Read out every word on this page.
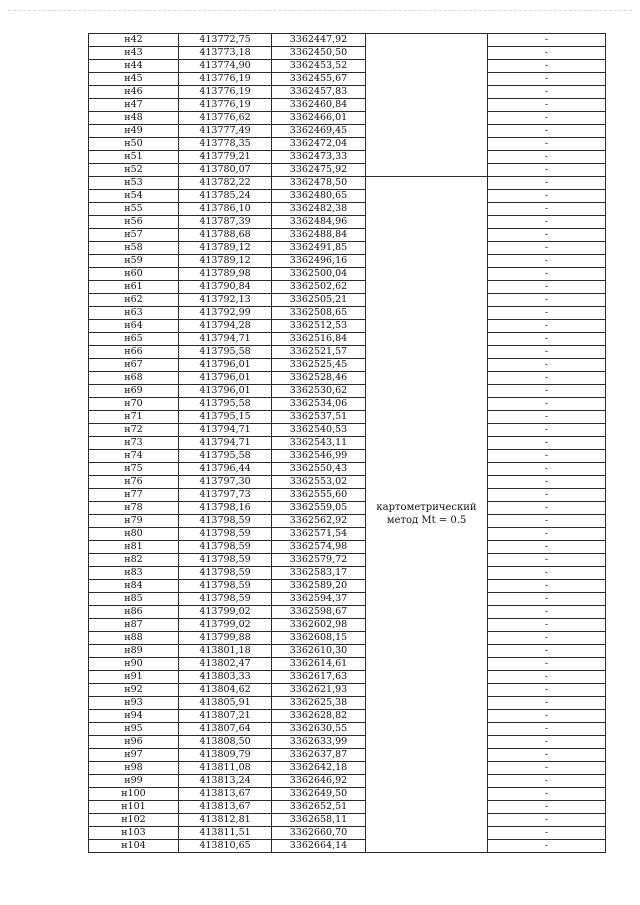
н42	413772,75	3362447,92		-
н43	413773,18	3362450,50		-
н44	413774,90	3362453,52		-
н45	413776,19	3362455,67		-
н46	413776,19	3362457,83		-
н47	413776,19	3362460,84		-
н48	413776,62	3362466,01		-
н49	413777,49	3362469,45		-
н50	413778,35	3362472,04		-
н51	413779,21	3362473,33		-
н52	413780,07	3362475,92		-
н53	413782,22	3362478,50	картометрический метод Mt = 0.5	-
н54	413785,24	3362480,65		-
н55	413786,10	3362482,38		-
н56	413787,39	3362484,96		-
н57	413788,68	3362488,84		-
н58	413789,12	3362491,85		-
н59	413789,12	3362496,16		-
н60	413789,98	3362500,04		-
н61	413790,84	3362502,62		-
н62	413792,13	3362505,21		-
н63	413792,99	3362508,65		-
н64	413794,28	3362512,53		-
н65	413794,71	3362516,84		-
н66	413795,58	3362521,57		-
н67	413796,01	3362525,45		-
н68	413796,01	3362528,46		-
н69	413796,01	3362530,62		-
н70	413795,58	3362534,06		-
н71	413795,15	3362537,51		-
н72	413794,71	3362540,53		-
н73	413794,71	3362543,11		-
н74	413795,58	3362546,99		-
н75	413796,44	3362550,43		-
н76	413797,30	3362553,02		-
н77	413797,73	3362555,60		-
н78	413798,16	3362559,05		-
н79	413798,59	3362562,92		-
н80	413798,59	3362571,54		-
н81	413798,59	3362574,98		-
н82	413798,59	3362579,72		-
н83	413798,59	3362583,17		-
н84	413798,59	3362589,20		-
н85	413798,59	3362594,37		-
н86	413799,02	3362598,67		-
н87	413799,02	3362602,98		-
н88	413799,88	3362608,15		-
н89	413801,18	3362610,30		-
н90	413802,47	3362614,61		-
н91	413803,33	3362617,63		-
н92	413804,62	3362621,93		-
н93	413805,91	3362625,38		-
н94	413807,21	3362628,82		-
н95	413807,64	3362630,55		-
н96	413808,50	3362633,99		-
н97	413809,79	3362637,87		-
н98	413811,08	3362642,18		-
н99	413813,24	3362646,92		-
н100	413813,67	3362649,50		-
н101	413813,67	3362652,51		-
н102	413812,81	3362658,11		-
н103	413811,51	3362660,70		-
н104	413810,65	3362664,14		-
